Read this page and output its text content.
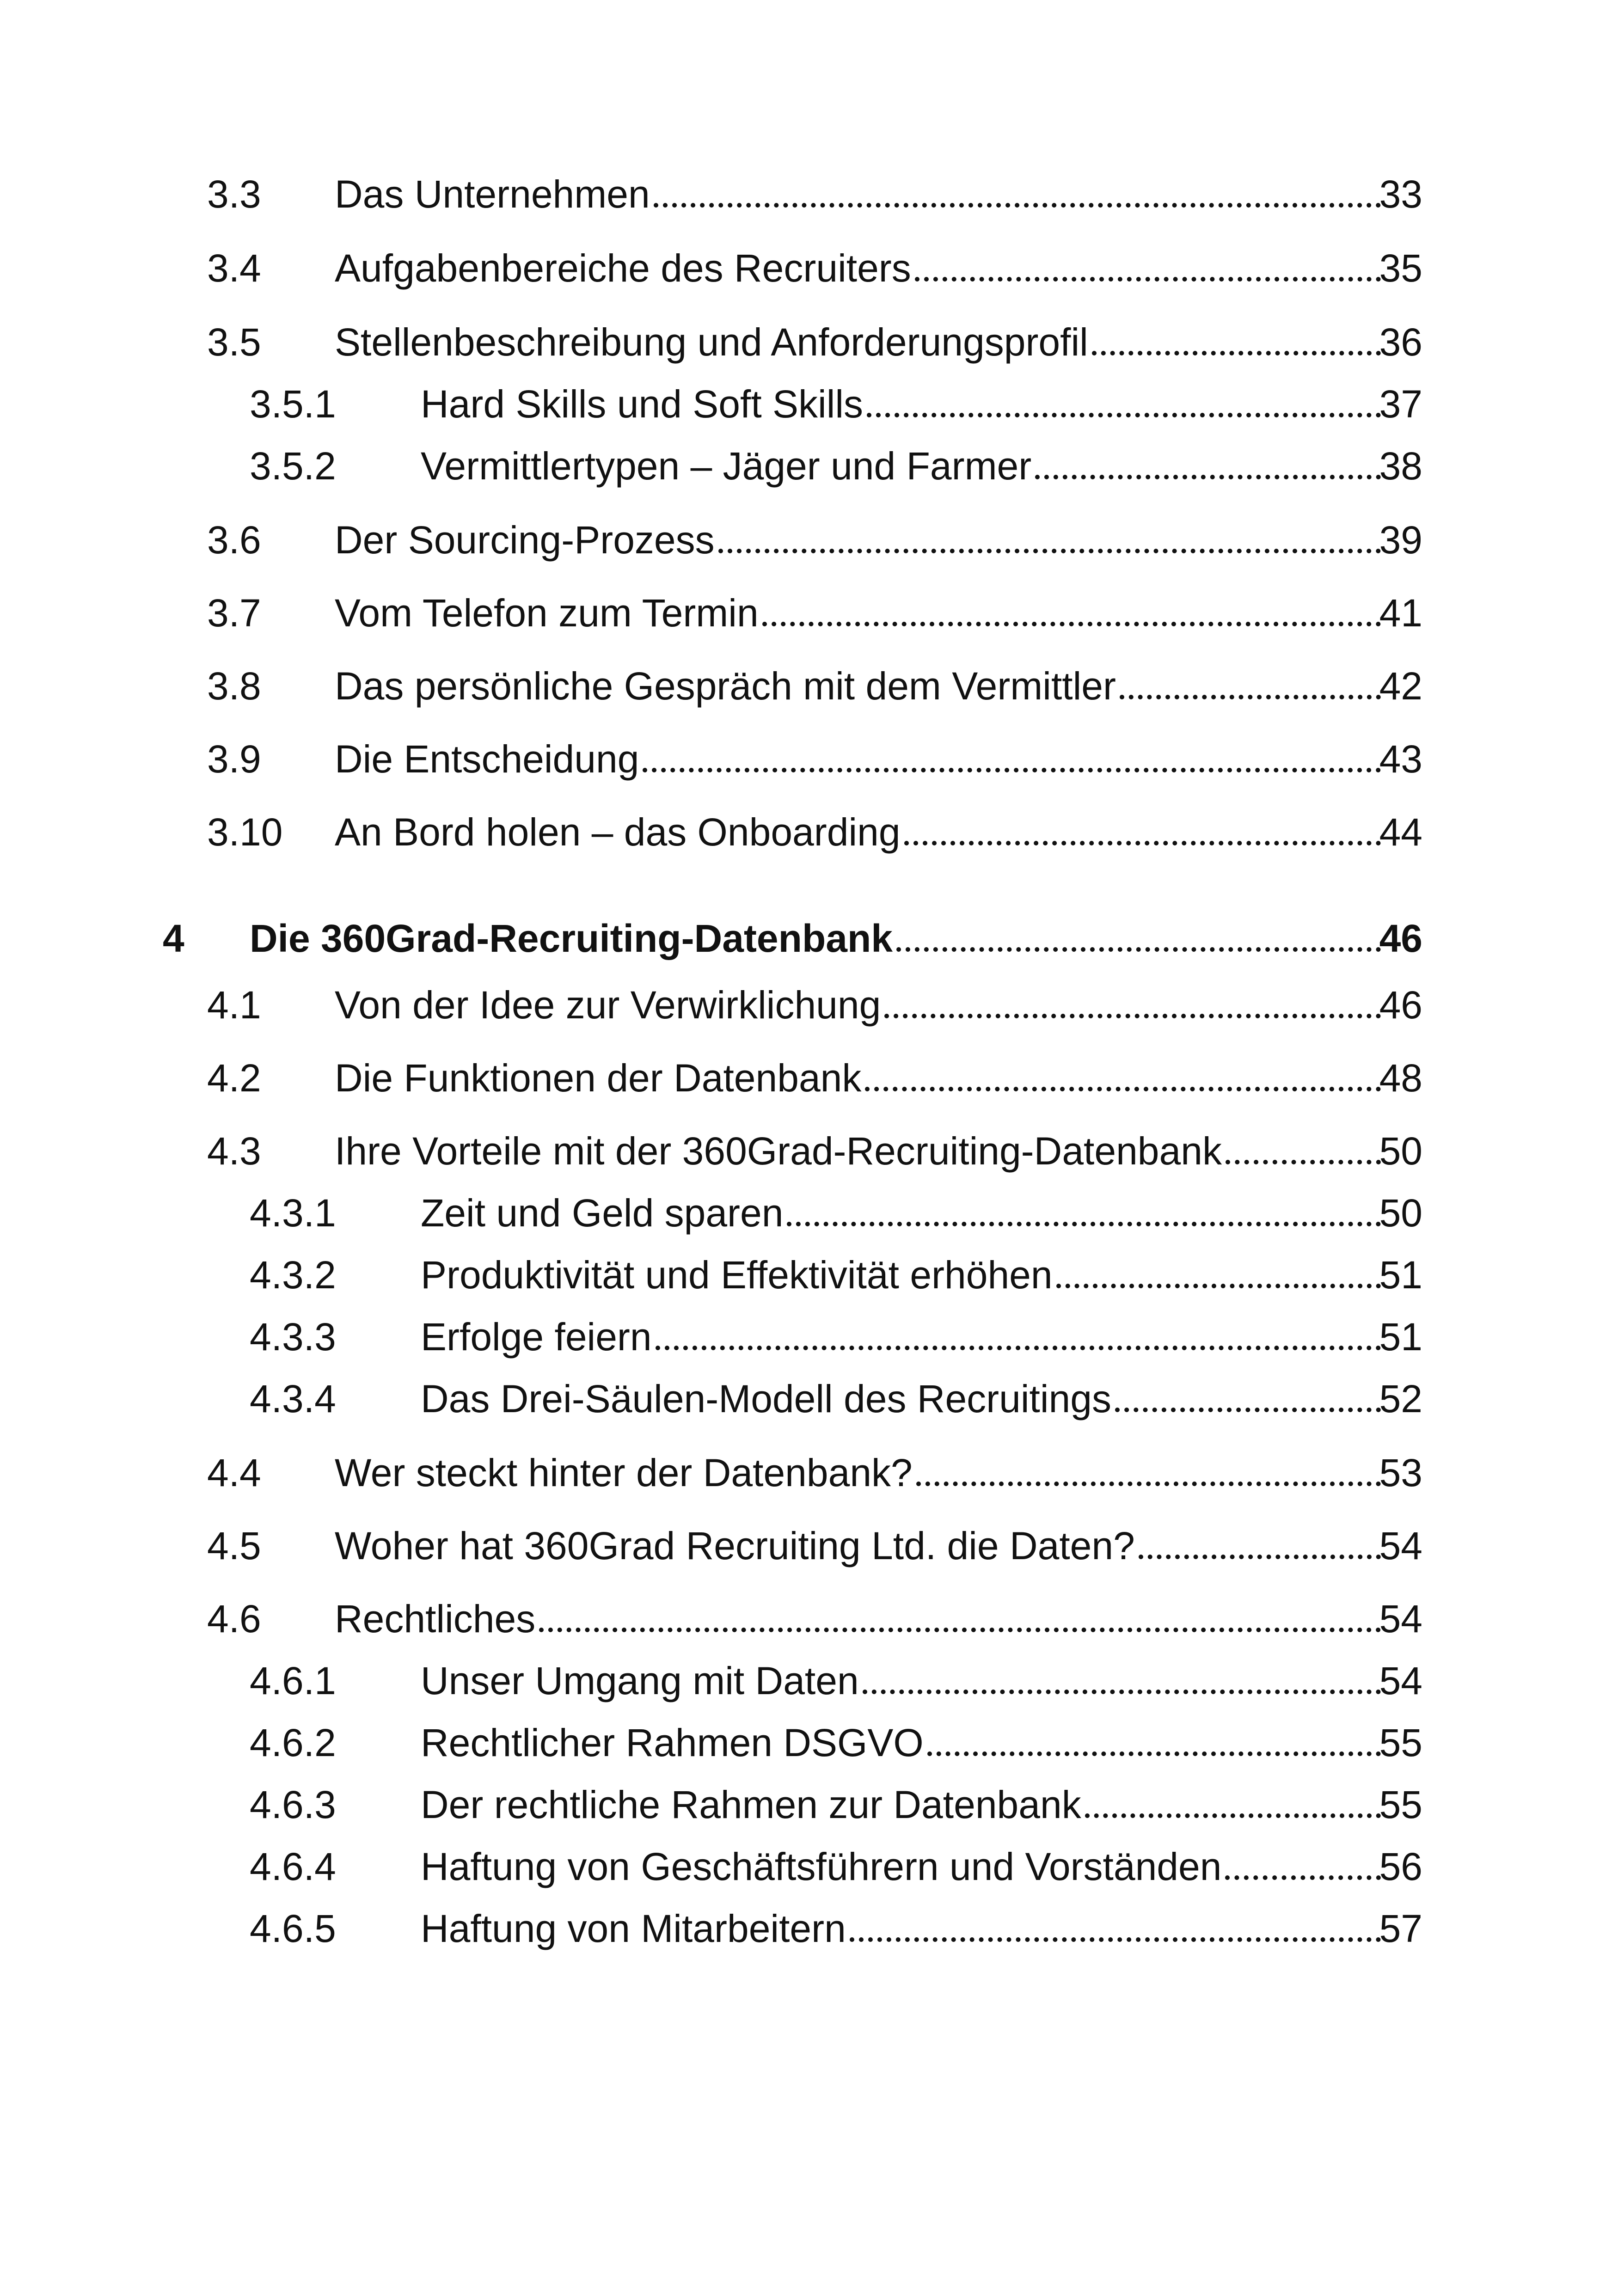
3.3 Das Unternehmen	33
3.4 Aufgabenbereiche des Recruiters	35
3.5 Stellenbeschreibung und Anforderungsprofil	36
3.5.1 Hard Skills und Soft Skills	37
3.5.2 Vermittlertypen – Jäger und Farmer	38
3.6 Der Sourcing-Prozess	39
3.7 Vom Telefon zum Termin	41
3.8 Das persönliche Gespräch mit dem Vermittler	42
3.9 Die Entscheidung	43
3.10 An Bord holen – das Onboarding	44
4 Die 360Grad-Recruiting-Datenbank	46
4.1 Von der Idee zur Verwirklichung	46
4.2 Die Funktionen der Datenbank	48
4.3 Ihre Vorteile mit der 360Grad-Recruiting-Datenbank	50
4.3.1 Zeit und Geld sparen	50
4.3.2 Produktivität und Effektivität erhöhen	51
4.3.3 Erfolge feiern	51
4.3.4 Das Drei-Säulen-Modell des Recruitings	52
4.4 Wer steckt hinter der Datenbank?	53
4.5 Woher hat 360Grad Recruiting Ltd. die Daten?	54
4.6 Rechtliches	54
4.6.1 Unser Umgang mit Daten	54
4.6.2 Rechtlicher Rahmen DSGVO	55
4.6.3 Der rechtliche Rahmen zur Datenbank	55
4.6.4 Haftung von Geschäftsführern und Vorständen	56
4.6.5 Haftung von Mitarbeitern	57
